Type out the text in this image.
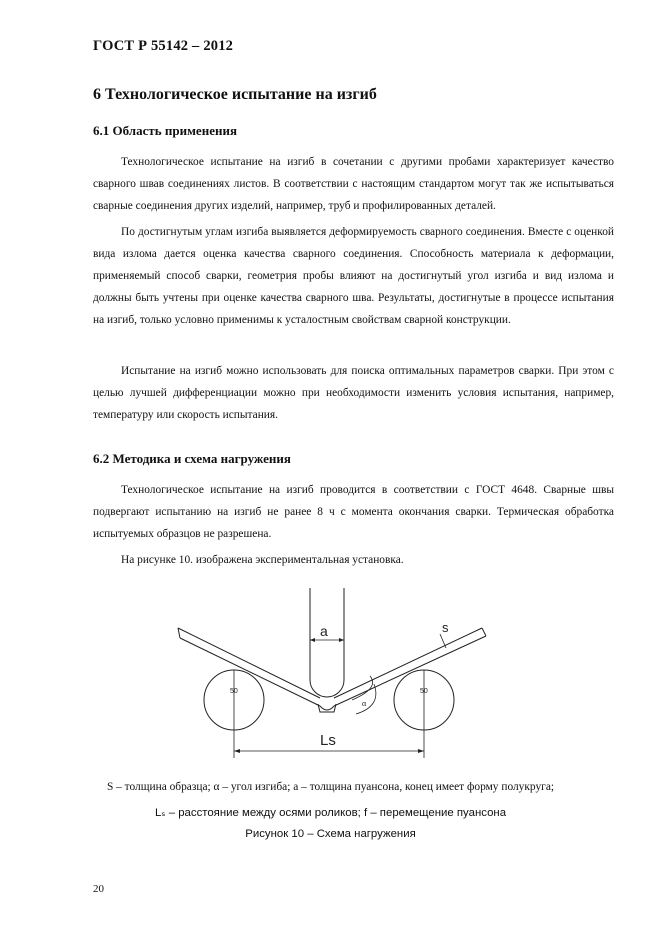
ГОСТ Р 55142 – 2012
6 Технологическое испытание на изгиб
6.1 Область применения

Технологическое испытание на изгиб в сочетании с другими пробами характеризует качество сварного швав соединениях листов. В соответствии с настоящим стандартом могут так же испытываться сварные соединения других изделий, например, труб и профилированных деталей.

По достигнутым углам изгиба выявляется деформируемость сварного соединения. Вместе с оценкой вида излома дается оценка качества сварного соединения. Способность материала к деформации, применяемый способ сварки, геометрия пробы влияют на достигнутый угол изгиба и вид излома и должны быть учтены при оценке качества сварного шва. Результаты, достигнутые в процессе испытания на изгиб, только условно применимы к усталостным свойствам сварной конструкции.

Испытание на изгиб можно использовать для поиска оптимальных параметров сварки. При этом с целью лучшей дифференциации можно при необходимости изменить условия испытания, например, температуру или скорость испытания.

6.2 Методика и схема нагружения

Технологическое испытание на изгиб проводится в соответствии с ГОСТ 4648. Сварные швы подвергают испытанию на изгиб не ранее 8 ч с момента окончания сварки. Термическая обработка испытуемых образцов не разрешена.

На рисунке 10. изображена экспериментальная установка.

a	s
50	50
α
Ls
S – толщина образца; α – угол изгиба; а – толщина пуансона, конец имеет форму полукруга;
Lₛ – расстояние между осями роликов; f – перемещение пуансона
Рисунок 10 – Схема нагружения
20
